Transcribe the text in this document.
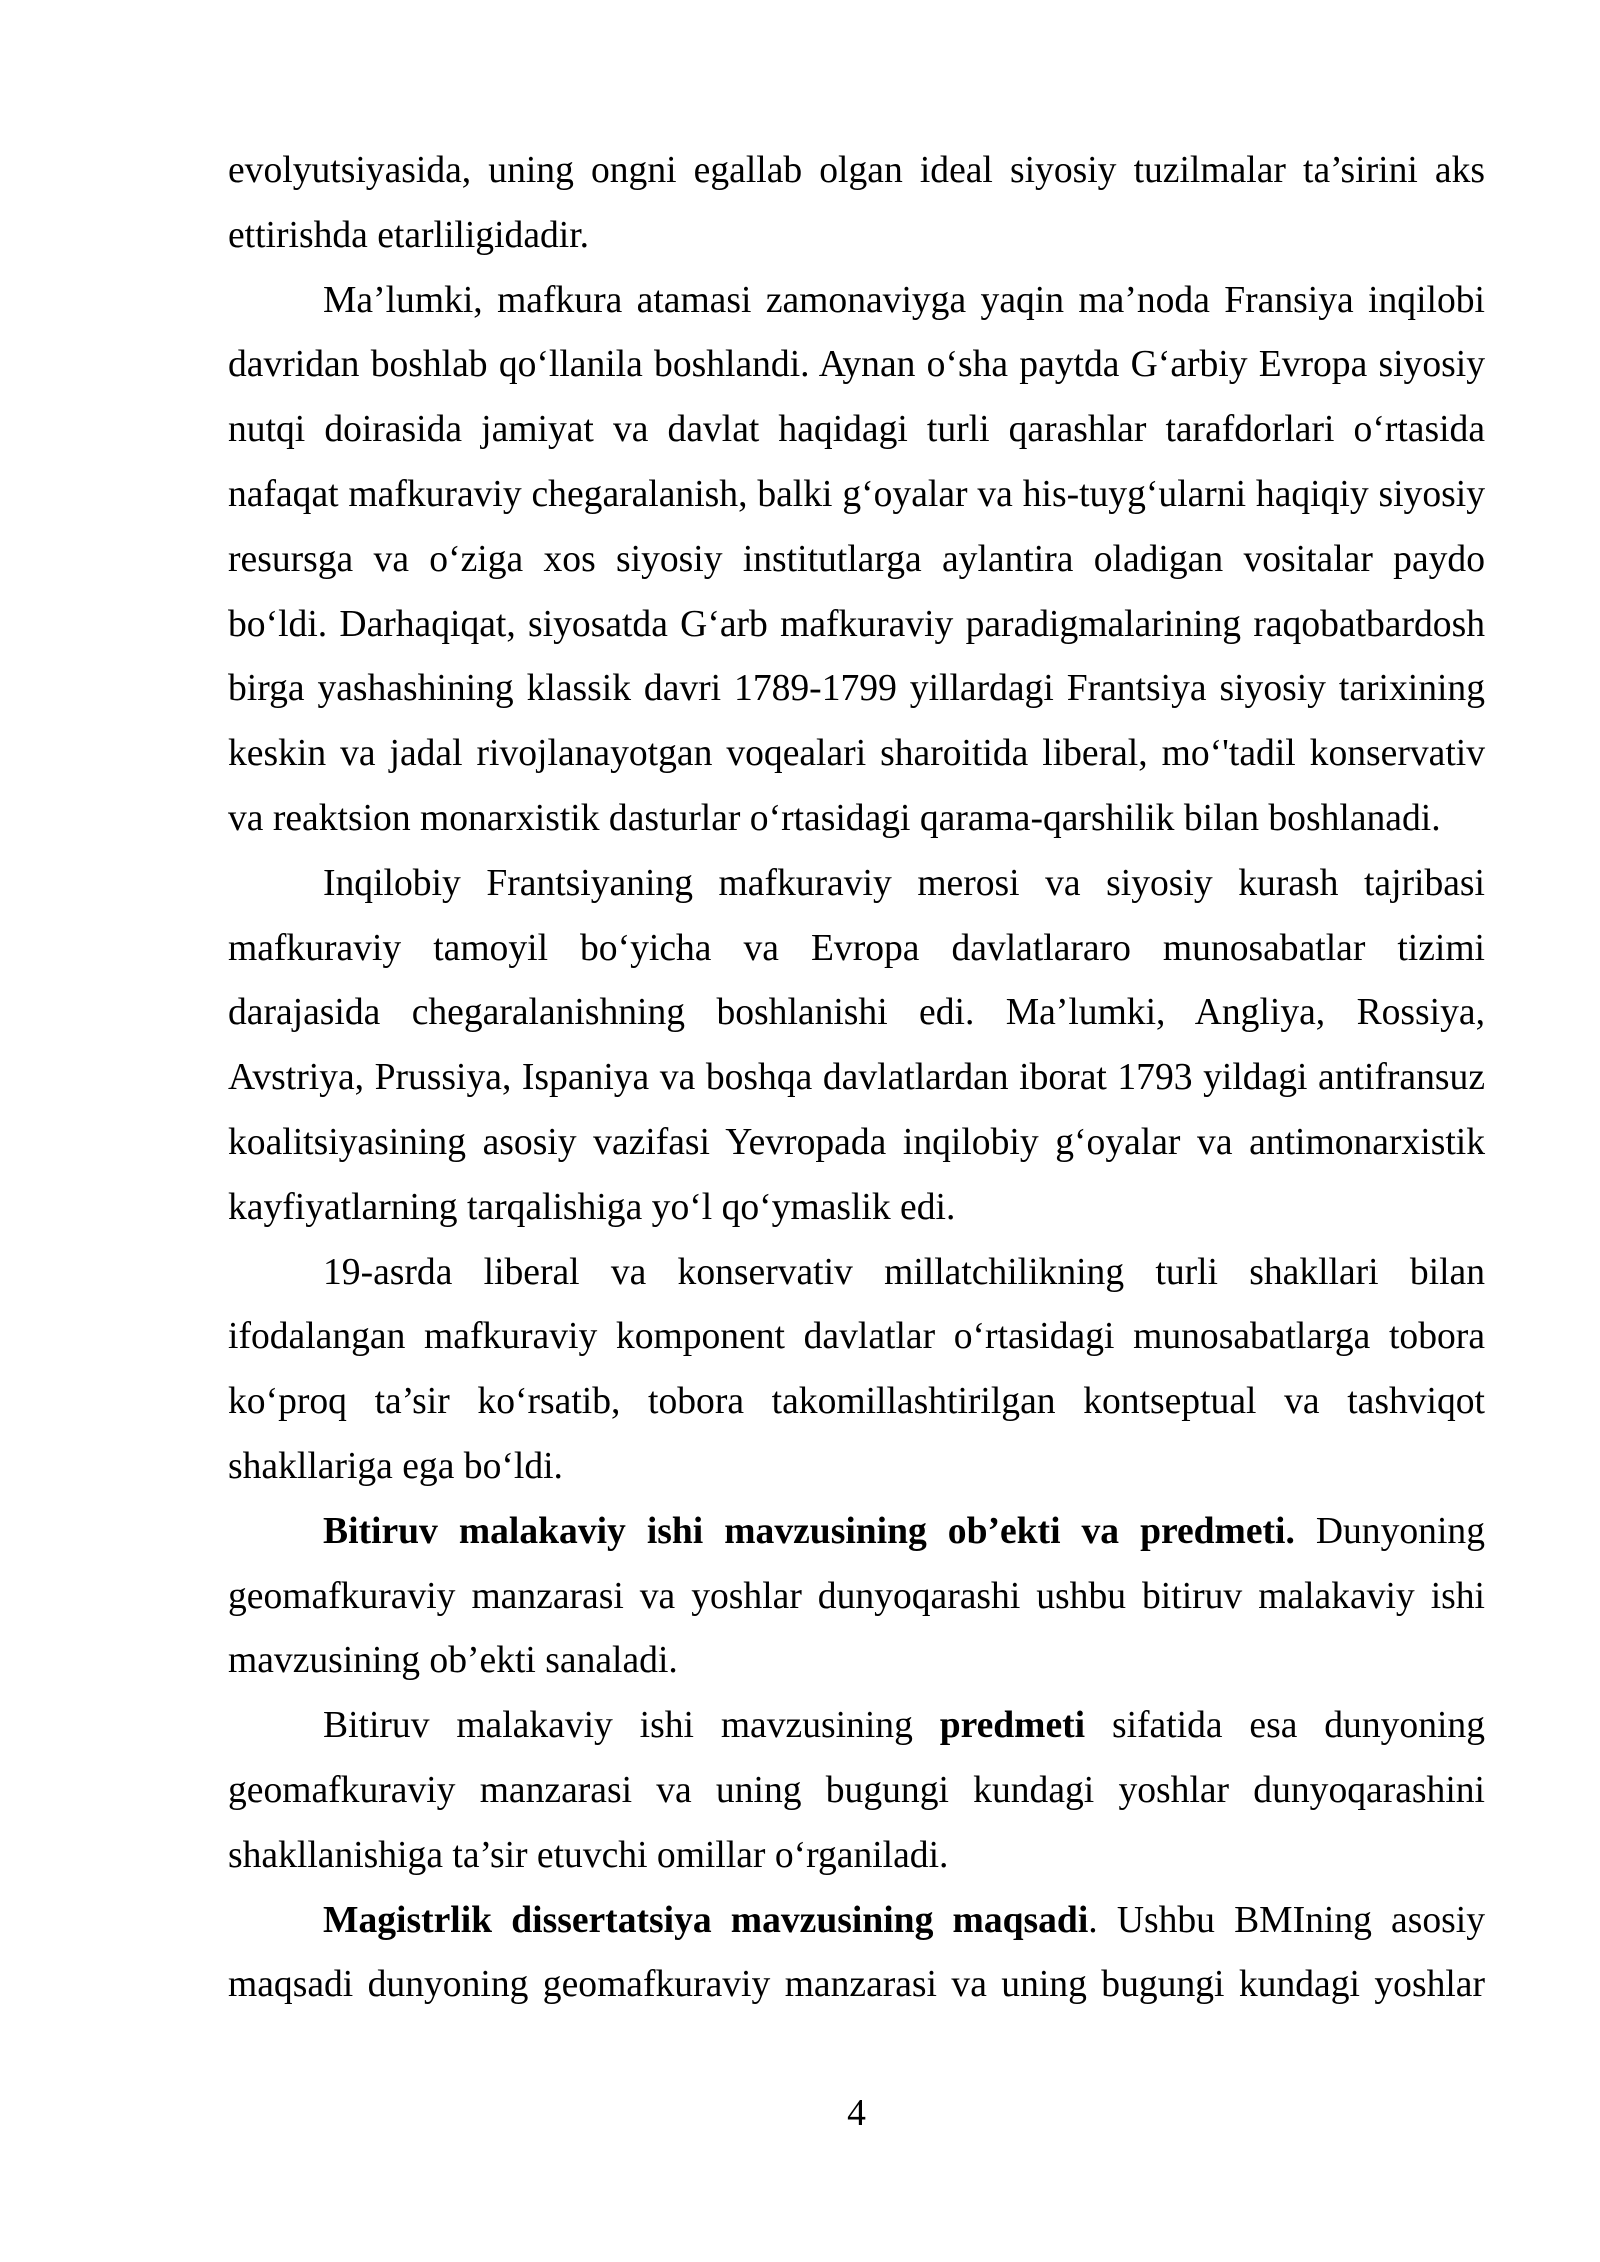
evolyutsiyasida, uning ongni egallab olgan ideal siyosiy tuzilmalar ta’sirini aks
ettirishda etarliligidadir.
Ma’lumki, mafkura atamasi zamonaviyga yaqin ma’noda Fransiya inqilobi
davridan boshlab qo‘llanila boshlandi. Aynan o‘sha paytda G‘arbiy Evropa siyosiy
nutqi doirasida jamiyat va davlat haqidagi turli qarashlar tarafdorlari o‘rtasida
nafaqat mafkuraviy chegaralanish, balki g‘oyalar va his-tuyg‘ularni haqiqiy siyosiy
resursga va o‘ziga xos siyosiy institutlarga aylantira oladigan vositalar paydo
bo‘ldi. Darhaqiqat, siyosatda G‘arb mafkuraviy paradigmalarining raqobatbardosh
birga yashashining klassik davri 1789-1799 yillardagi Frantsiya siyosiy tarixining
keskin va jadal rivojlanayotgan voqealari sharoitida liberal, mo‘'tadil konservativ
va reaktsion monarxistik dasturlar o‘rtasidagi qarama-qarshilik bilan boshlanadi.
Inqilobiy Frantsiyaning mafkuraviy merosi va siyosiy kurash tajribasi
mafkuraviy tamoyil bo‘yicha va Evropa davlatlararo munosabatlar tizimi
darajasida chegaralanishning boshlanishi edi. Ma’lumki, Angliya, Rossiya,
Avstriya, Prussiya, Ispaniya va boshqa davlatlardan iborat 1793 yildagi antifransuz
koalitsiyasining asosiy vazifasi Yevropada inqilobiy g‘oyalar va antimonarxistik
kayfiyatlarning tarqalishiga yo‘l qo‘ymaslik edi.
19-asrda liberal va konservativ millatchilikning turli shakllari bilan
ifodalangan mafkuraviy komponent davlatlar o‘rtasidagi munosabatlarga tobora
ko‘proq ta’sir ko‘rsatib, tobora takomillashtirilgan kontseptual va tashviqot
shakllariga ega bo‘ldi.
Bitiruv malakaviy ishi mavzusining ob’ekti va predmeti. Dunyoning
geomafkuraviy manzarasi va yoshlar dunyoqarashi ushbu bitiruv malakaviy ishi
mavzusining ob’ekti sanaladi.
Bitiruv malakaviy ishi mavzusining predmeti sifatida esa dunyoning
geomafkuraviy manzarasi va uning bugungi kundagi yoshlar dunyoqarashini
shakllanishiga ta’sir etuvchi omillar o‘rganiladi.
Magistrlik dissertatsiya mavzusining maqsadi. Ushbu BMIning asosiy
maqsadi dunyoning geomafkuraviy manzarasi va uning bugungi kundagi yoshlar
4
